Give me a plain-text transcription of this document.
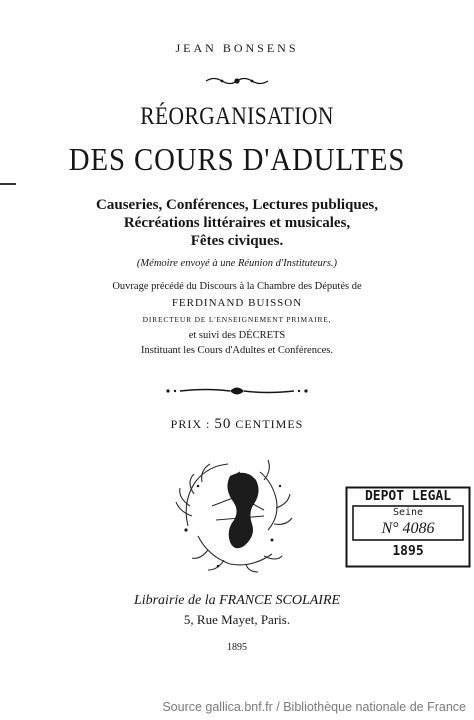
JEAN BONSENS
RÉORGANISATION
DES COURS D'ADULTES
Causeries, Conférences, Lectures publiques,
Récréations littéraires et musicales,
Fêtes civiques.
(Mémoire envoyé à une Réunion d'Instituteurs.)
Ouvrage précédé du Discours à la Chambre des Députés de
FERDINAND BUISSON
DIRECTEUR DE L'ENSEIGNEMENT PRIMAIRE,
et suivi des DÉCRETS
Instituant les Cours d'Adultes et Conférences.
PRIX : 50 CENTIMES
DEPOT LEGAL
Seine
N° 4086
1895
Librairie de la FRANCE SCOLAIRE
5, Rue Mayet, Paris.
1895
Source gallica.bnf.fr / Bibliothèque nationale de France
